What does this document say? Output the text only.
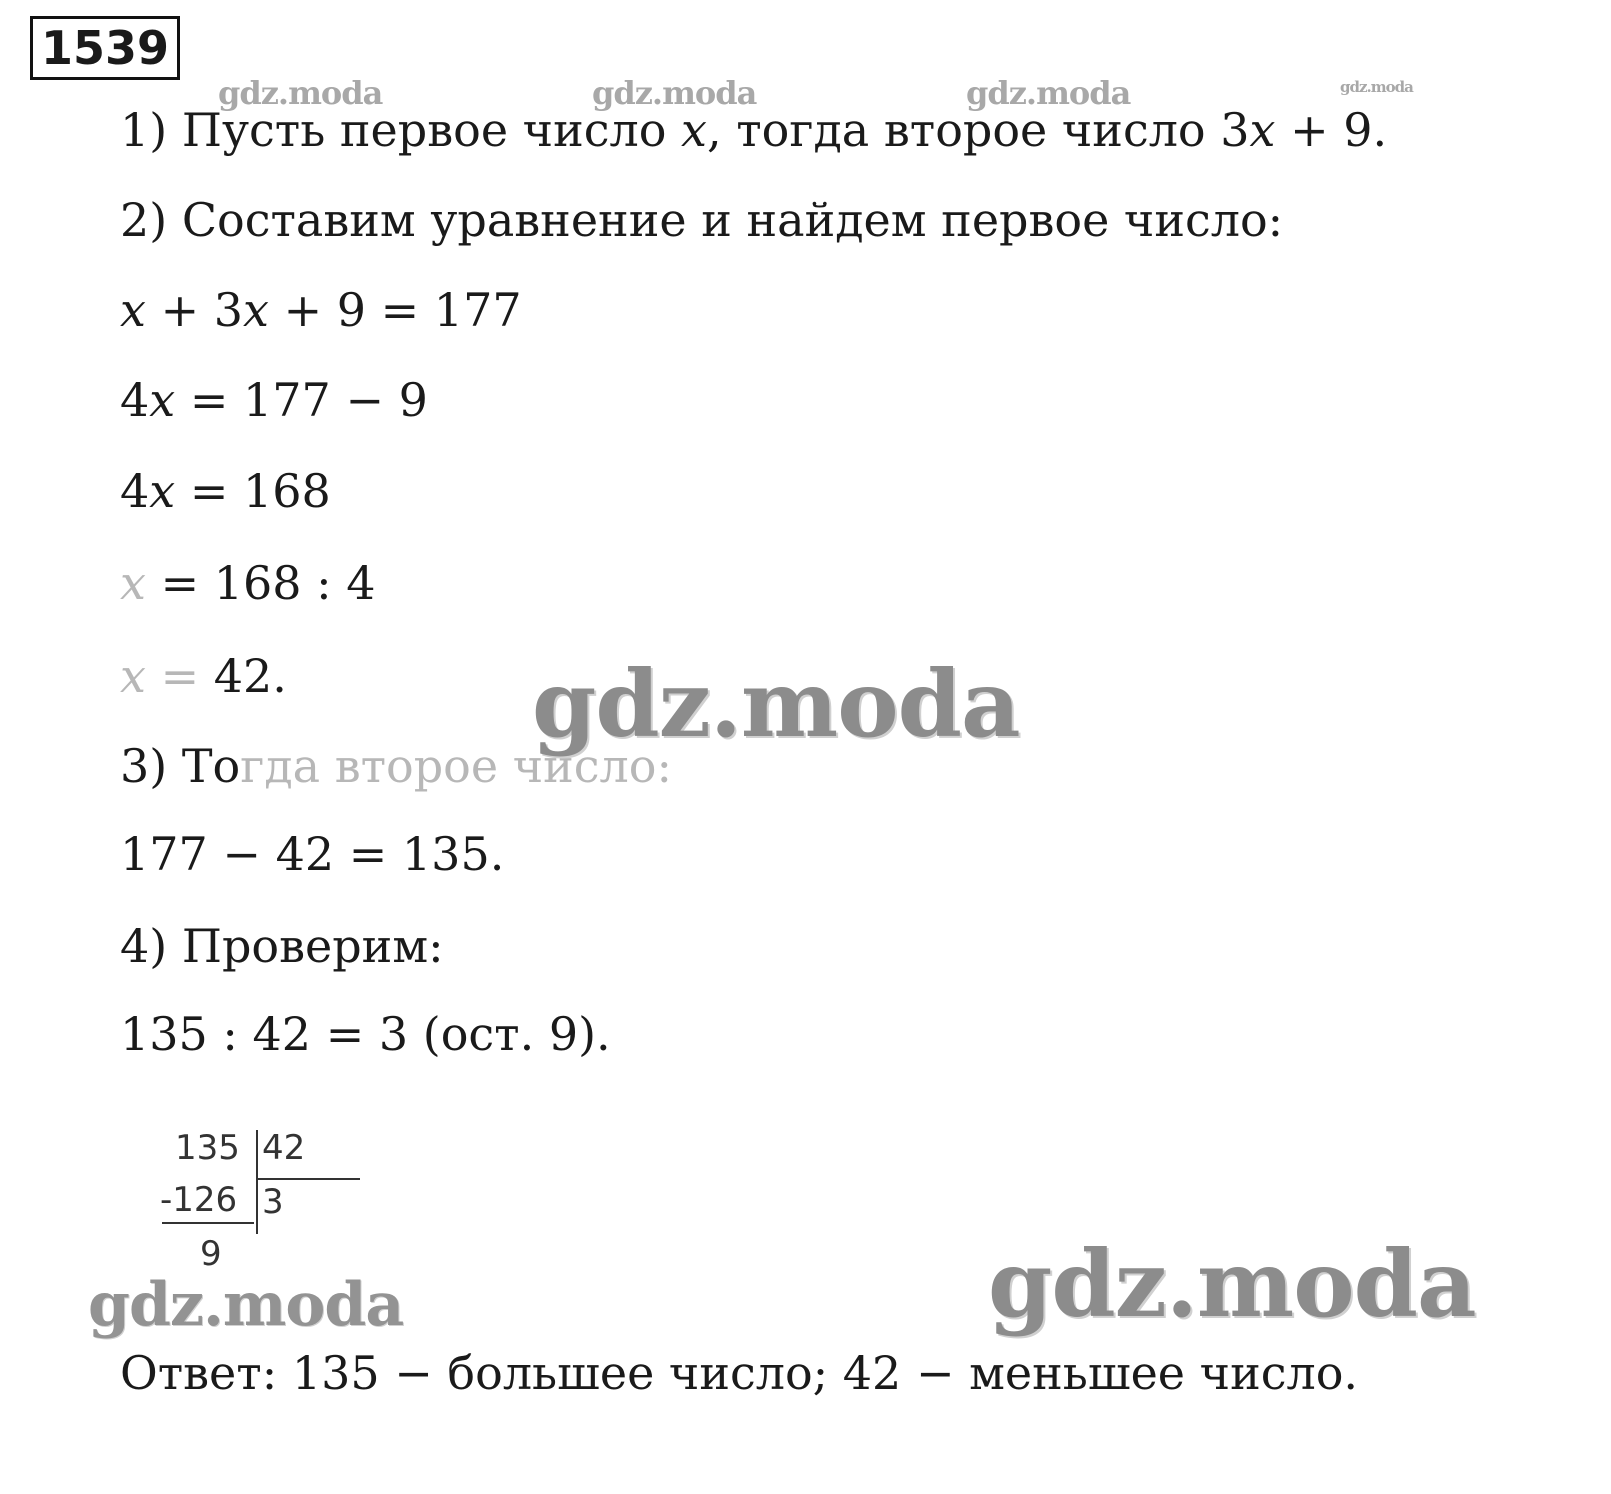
1539
gdz.moda	gdz.moda	gdz.moda	gdz.moda
1) Пусть первое число x, тогда второе число 3x + 9.
2) Составим уравнение и найдем первое число:
x + 3x + 9 = 177
4x = 177 − 9
4x = 168
x = 168 : 4
x = 42.
3) Тогда второе число:
177 − 42 = 135.
4) Проверим:
135 : 42 = 3 (ост. 9).
135 42
-126 3
9
Ответ: 135 − большее число; 42 − меньшее число.
gdz.moda
gdz.moda
gdz.moda
